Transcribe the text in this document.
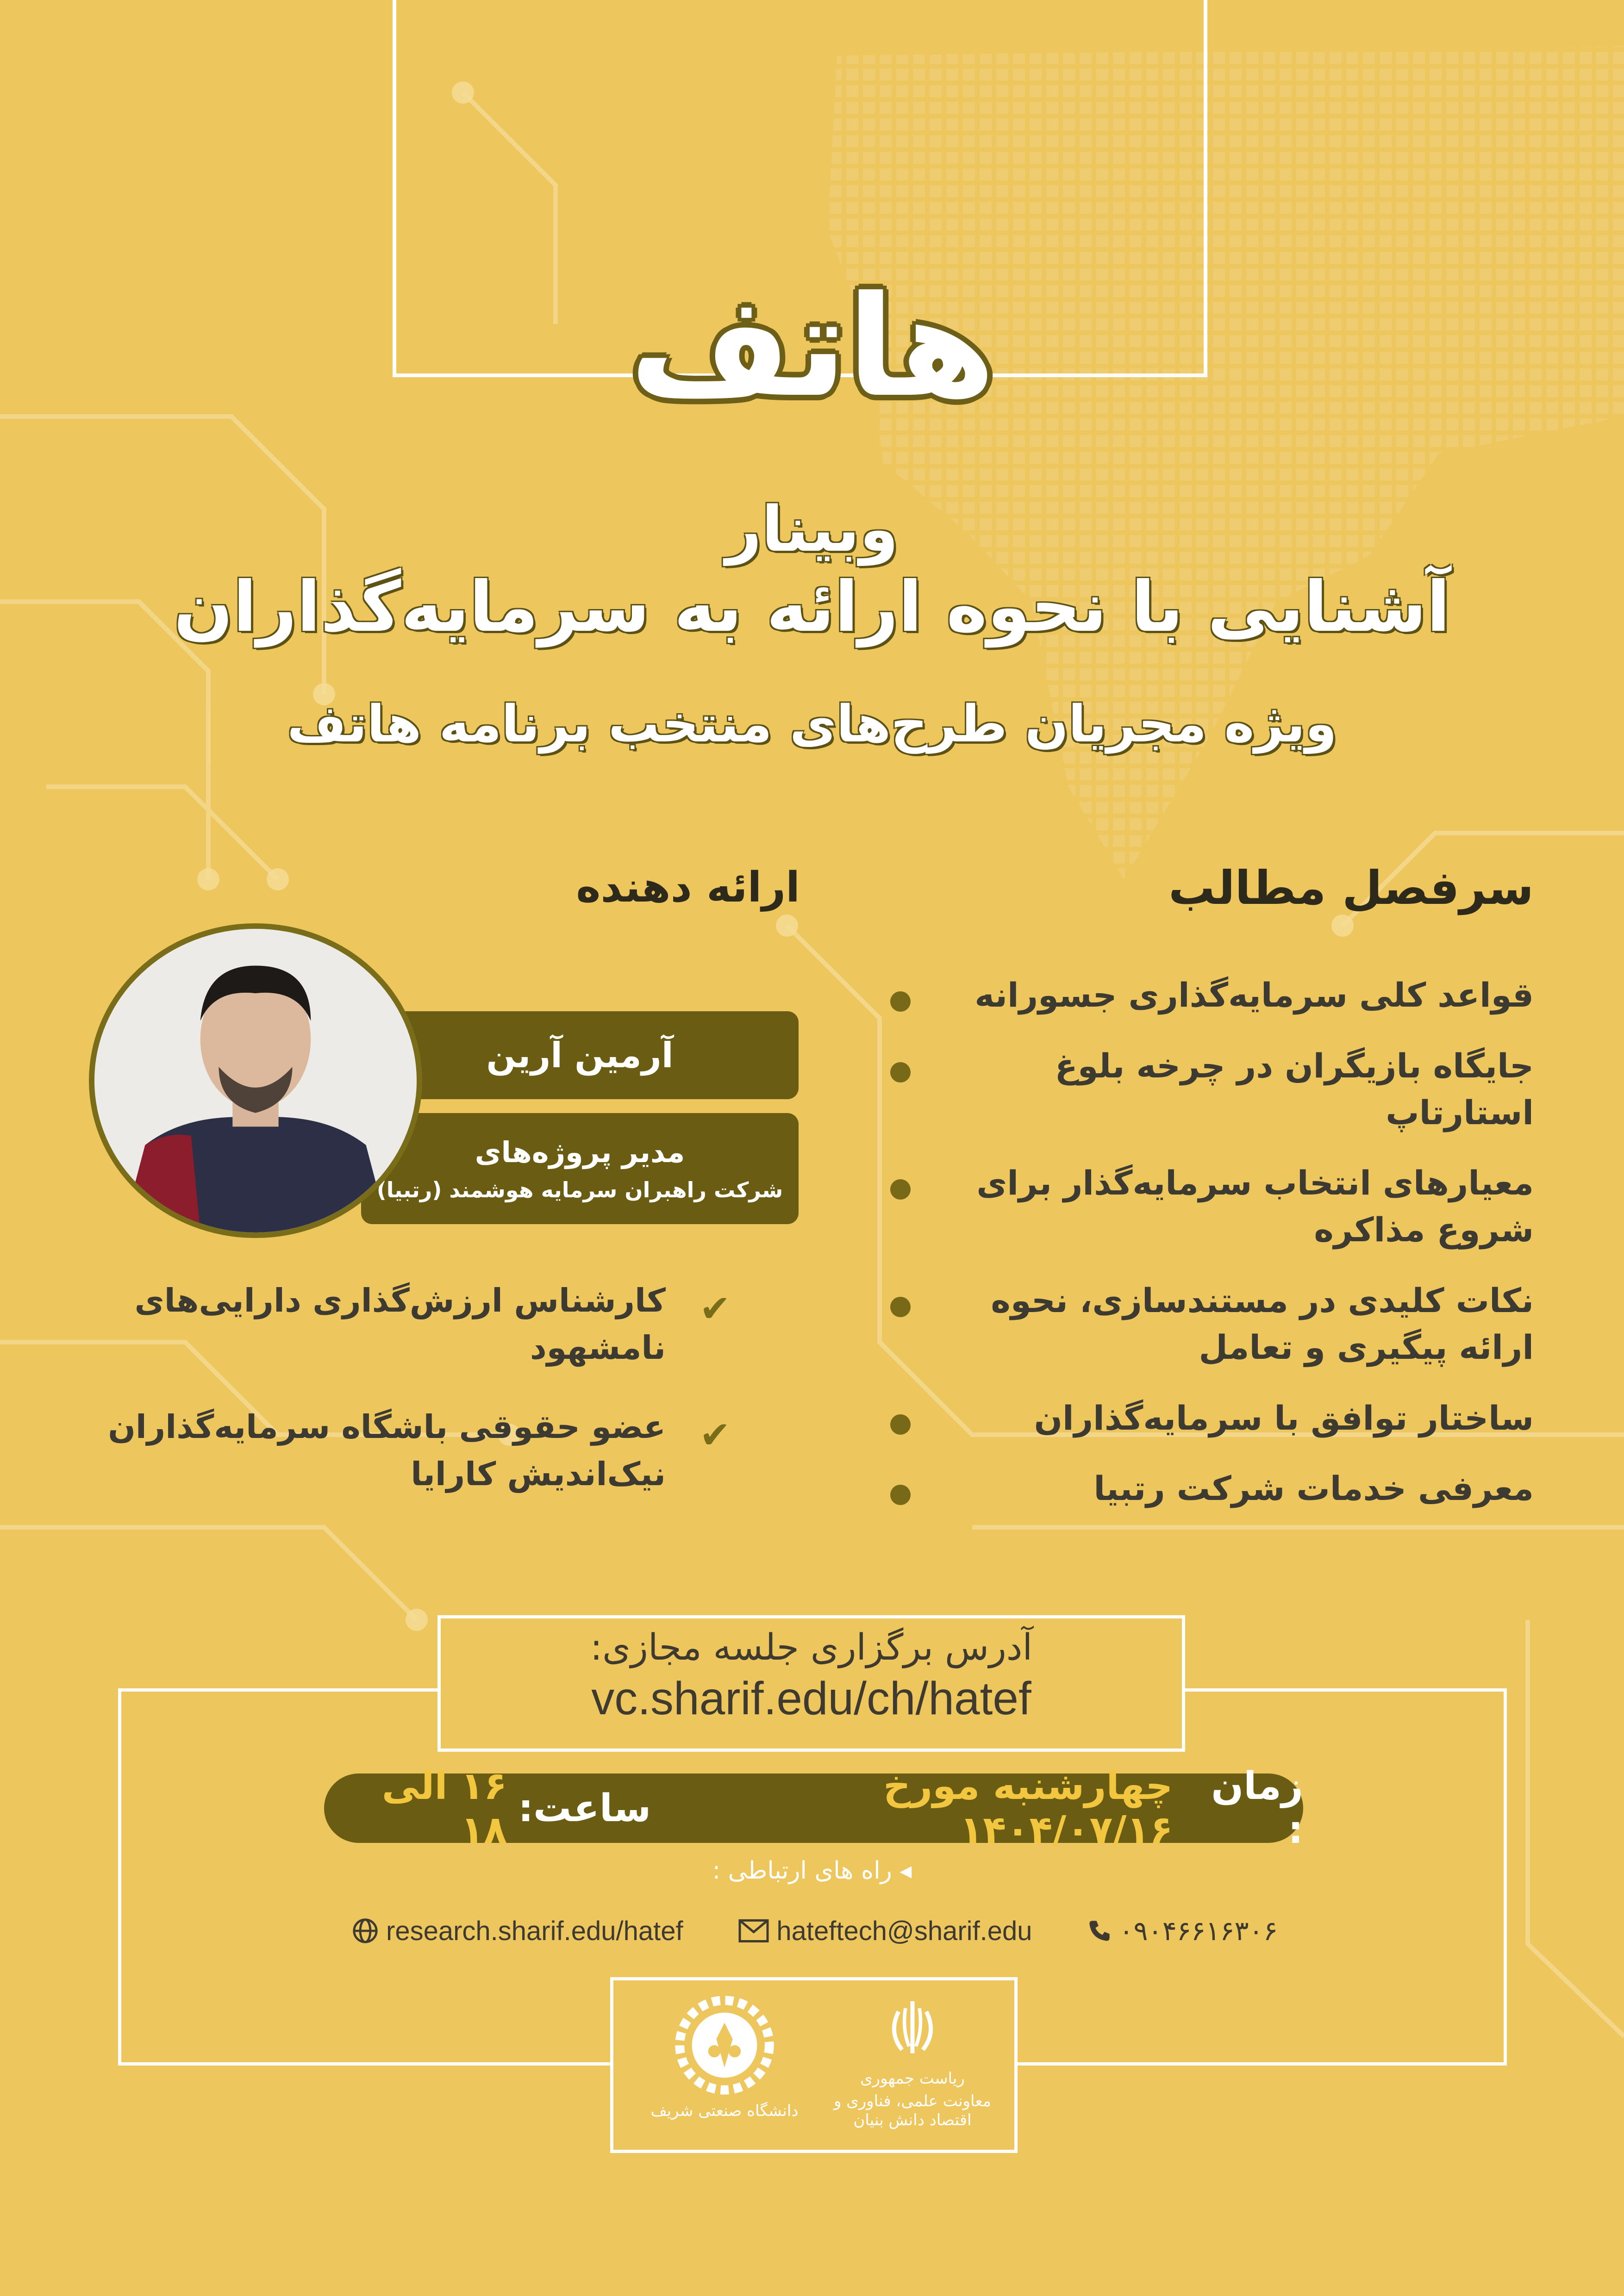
هاتف
وبینار
آشنایی با نحوه ارائه به سرمایه‌گذاران
ویژه مجریان طرح‌های منتخب برنامه هاتف
سرفصل مطالب
ارائه دهنده
قواعد کلی سرمایه‌گذاری جسورانه
جایگاه بازیگران در چرخه بلوغ استارتاپ
معیارهای انتخاب سرمایه‌گذار برای شروع مذاکره
نکات کلیدی در مستندسازی، نحوه ارائه پیگیری و تعامل
ساختار توافق با سرمایه‌گذاران
معرفی خدمات شرکت رتبیا
آرمین آرین
مدیر پروژه‌های
شرکت راهبران سرمایه هوشمند (رتبیا)
✔
کارشناس ارزش‌گذاری دارایی‌های نامشهود
✔
عضو حقوقی باشگاه سرمایه‌گذاران نیک‌اندیش کارایا
آدرس برگزاری جلسه مجازی:
vc.sharif.edu/ch/hatef
زمان :
چهارشنبه مورخ ۱۴۰۴/۰۷/۱۶
ساعت:
۱۶ الی ۱۸
◂ راه های ارتباطی :
research.sharif.edu/hatef	hateftech@sharif.edu	۰۹۰۴۶۶۱۶۳۰۶
دانشگاه صنعتی شریف
ریاست جمهوری
معاونت علمی، فناوری و اقتصاد دانش بنیان
